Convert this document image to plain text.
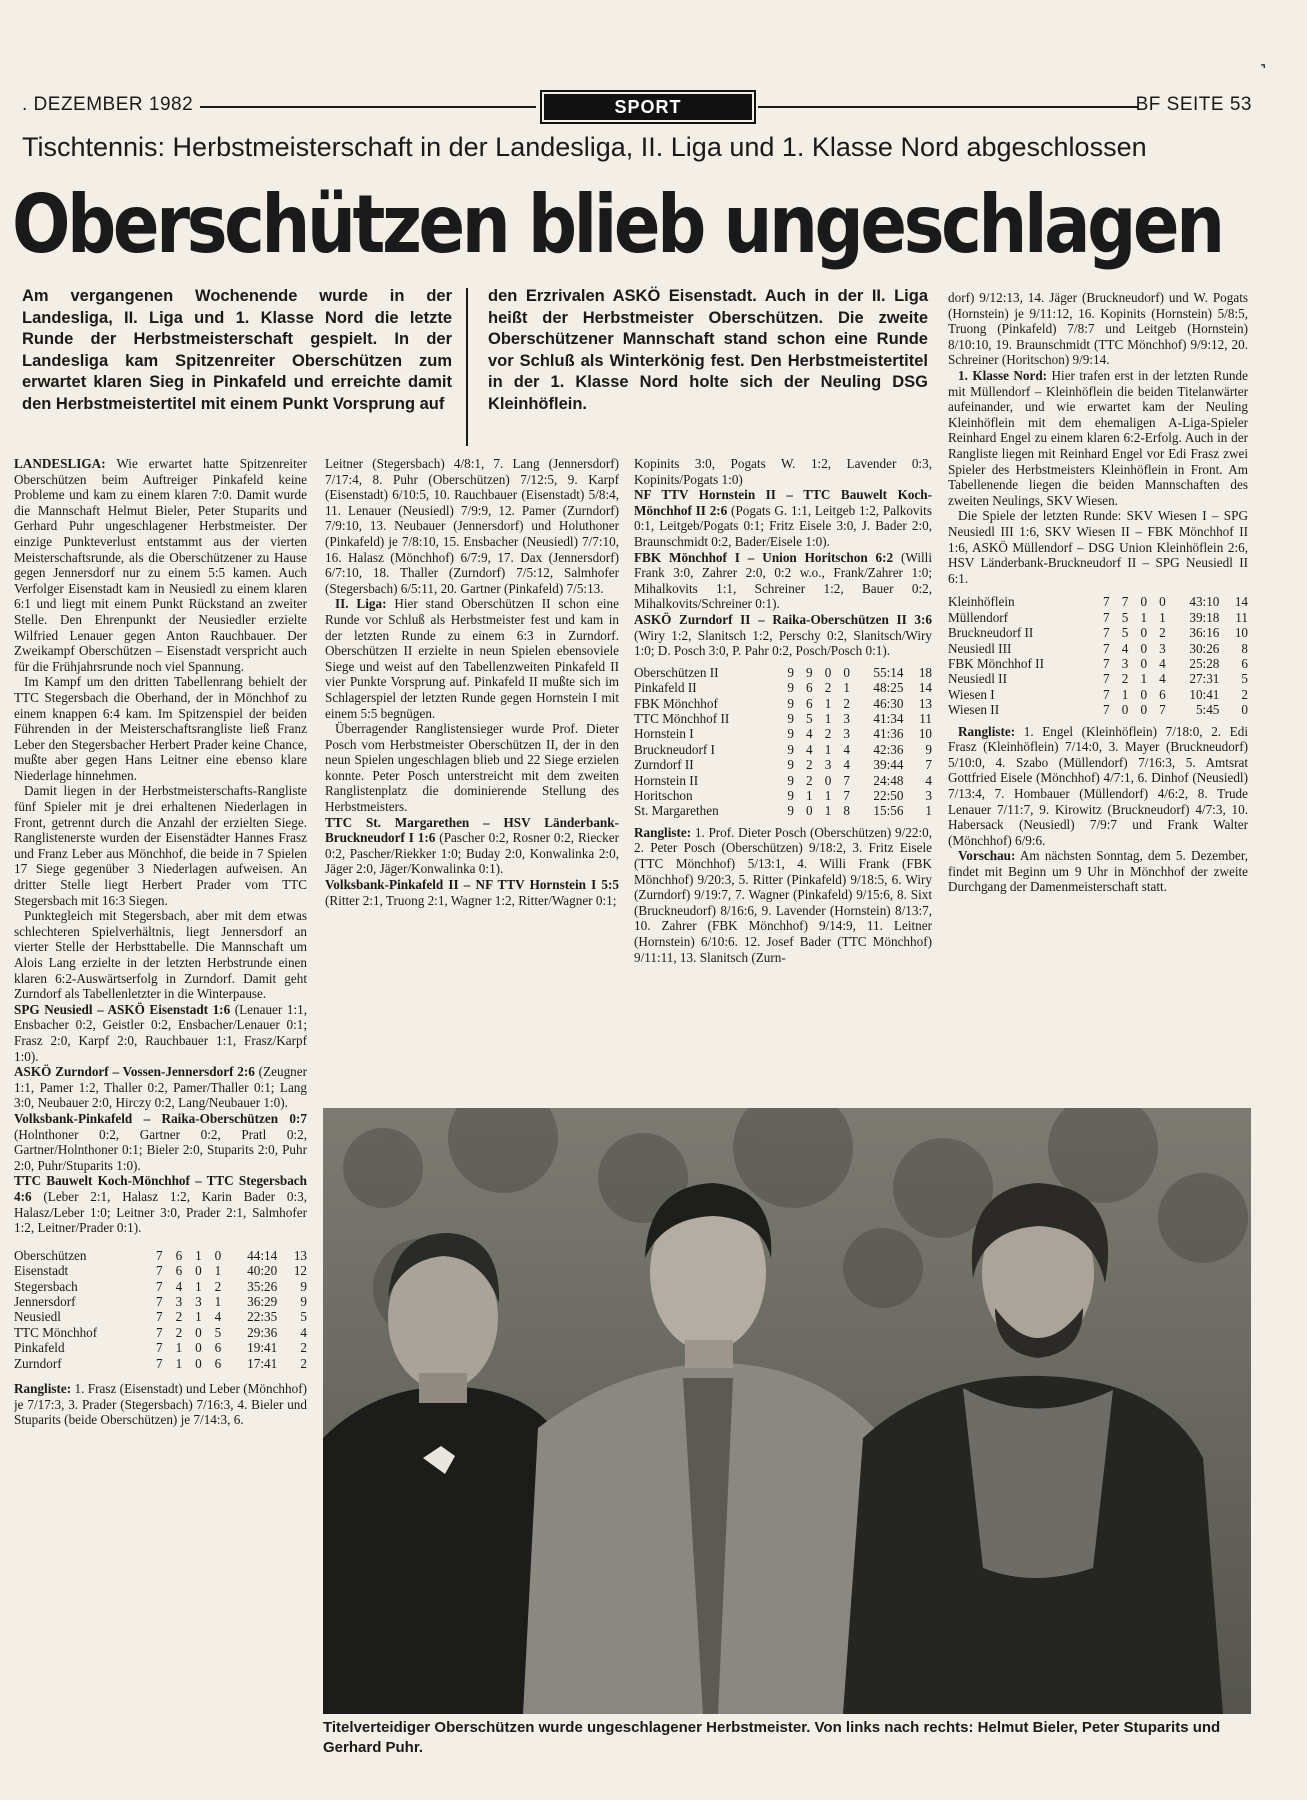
˺
. DEZEMBER 1982	SPORT	BF SEITE 53
Tischtennis: Herbstmeisterschaft in der Landesliga, II. Liga und 1. Klasse Nord abgeschlossen
Oberschützen blieb ungeschlagen

Am vergangenen Wochenende wurde in der Landesliga, II. Liga und 1. Klasse Nord die letzte Runde der Herbstmeisterschaft gespielt. In der Landesliga kam Spitzenreiter Oberschützen zum erwartet klaren Sieg in Pinkafeld und erreichte damit den Herbstmeistertitel mit einem Punkt Vorsprung auf

den Erzrivalen ASKÖ Eisenstadt. Auch in der II. Liga heißt der Herbstmeister Oberschützen. Die zweite Oberschützener Mannschaft stand schon eine Runde vor Schluß als Winterkönig fest. Den Herbstmeistertitel in der 1. Klasse Nord holte sich der Neuling DSG Kleinhöflein.

LANDESLIGA: Wie erwartet hatte Spitzenreiter Oberschützen beim Auftreiger Pinkafeld keine Probleme und kam zu einem klaren 7:0. Damit wurde die Mannschaft Helmut Bieler, Peter Stuparits und Gerhard Puhr ungeschlagener Herbstmeister. Der einzige Punkteverlust entstammt aus der vierten Meisterschaftsrunde, als die Oberschützener zu Hause gegen Jennersdorf nur zu einem 5:5 kamen. Auch Verfolger Eisenstadt kam in Neusiedl zu einem klaren 6:1 und liegt mit einem Punkt Rückstand an zweiter Stelle. Den Ehrenpunkt der Neusiedler erzielte Wilfried Lenauer gegen Anton Rauchbauer. Der Zweikampf Oberschützen – Eisenstadt verspricht auch für die Frühjahrsrunde noch viel Spannung.

Im Kampf um den dritten Tabellenrang behielt der TTC Stegersbach die Oberhand, der in Mönchhof zu einem knappen 6:4 kam. Im Spitzenspiel der beiden Führenden in der Meisterschaftsrangliste ließ Franz Leber den Stegersbacher Herbert Prader keine Chance, mußte aber gegen Hans Leitner eine ebenso klare Niederlage hinnehmen.

Damit liegen in der Herbstmeisterschafts-Rangliste fünf Spieler mit je drei erhaltenen Niederlagen in Front, getrennt durch die Anzahl der erzielten Siege. Ranglistenerste wurden der Eisenstädter Hannes Frasz und Franz Leber aus Mönchhof, die beide in 7 Spielen 17 Siege gegenüber 3 Niederlagen aufweisen. An dritter Stelle liegt Herbert Prader vom TTC Stegersbach mit 16:3 Siegen.

Punktegleich mit Stegersbach, aber mit dem etwas schlechteren Spielverhältnis, liegt Jennersdorf an vierter Stelle der Herbsttabelle. Die Mannschaft um Alois Lang erzielte in der letzten Herbstrunde einen klaren 6:2-Auswärtserfolg in Zurndorf. Damit geht Zurndorf als Tabellenletzter in die Winterpause.

SPG Neusiedl – ASKÖ Eisenstadt 1:6 (Lenauer 1:1, Ensbacher 0:2, Geistler 0:2, Ensbacher/Lenauer 0:1; Frasz 2:0, Karpf 2:0, Rauchbauer 1:1, Frasz/Karpf 1:0).

ASKÖ Zurndorf – Vossen-Jennersdorf 2:6 (Zeugner 1:1, Pamer 1:2, Thaller 0:2, Pamer/Thaller 0:1; Lang 3:0, Neubauer 2:0, Hirczy 0:2, Lang/Neubauer 1:0).

Volksbank-Pinkafeld – Raika-Oberschützen 0:7 (Holnthoner 0:2, Gartner 0:2, Pratl 0:2, Gartner/Holnthoner 0:1; Bieler 2:0, Stuparits 2:0, Puhr 2:0, Puhr/Stuparits 1:0).

TTC Bauwelt Koch-Mönchhof – TTC Stegersbach 4:6 (Leber 2:1, Halasz 1:2, Karin Bader 0:3, Halasz/Leber 1:0; Leitner 3:0, Prader 2:1, Salmhofer 1:2, Leitner/Prader 0:1).

Oberschützen	7	6	1	0	44:14	13
Eisenstadt	7	6	0	1	40:20	12
Stegersbach	7	4	1	2	35:26	9
Jennersdorf	7	3	3	1	36:29	9
Neusiedl	7	2	1	4	22:35	5
TTC Mönchhof	7	2	0	5	29:36	4
Pinkafeld	7	1	0	6	19:41	2
Zurndorf	7	1	0	6	17:41	2

Rangliste: 1. Frasz (Eisenstadt) und Leber (Mönchhof) je 7/17:3, 3. Prader (Stegersbach) 7/16:3, 4. Bieler und Stuparits (beide Oberschützen) je 7/14:3, 6.

Leitner (Stegersbach) 4/8:1, 7. Lang (Jennersdorf) 7/17:4, 8. Puhr (Oberschützen) 7/12:5, 9. Karpf (Eisenstadt) 6/10:5, 10. Rauchbauer (Eisenstadt) 5/8:4, 11. Lenauer (Neusiedl) 7/9:9, 12. Pamer (Zurndorf) 7/9:10, 13. Neubauer (Jennersdorf) und Holuthoner (Pinkafeld) je 7/8:10, 15. Ensbacher (Neusiedl) 7/7:10, 16. Halasz (Mönchhof) 6/7:9, 17. Dax (Jennersdorf) 6/7:10, 18. Thaller (Zurndorf) 7/5:12, Salmhofer (Stegersbach) 6/5:11, 20. Gartner (Pinkafeld) 7/5:13.

II. Liga: Hier stand Oberschützen II schon eine Runde vor Schluß als Herbstmeister fest und kam in der letzten Runde zu einem 6:3 in Zurndorf. Oberschützen II erzielte in neun Spielen ebensoviele Siege und weist auf den Tabellenzweiten Pinkafeld II vier Punkte Vorsprung auf. Pinkafeld II mußte sich im Schlagerspiel der letzten Runde gegen Hornstein I mit einem 5:5 begnügen.

Überragender Ranglistensieger wurde Prof. Dieter Posch vom Herbstmeister Oberschützen II, der in den neun Spielen ungeschlagen blieb und 22 Siege erzielen konnte. Peter Posch unterstreicht mit dem zweiten Ranglistenplatz die dominierende Stellung des Herbstmeisters.

TTC St. Margarethen – HSV Länderbank-Bruckneudorf I 1:6 (Pascher 0:2, Rosner 0:2, Riecker 0:2, Pascher/Riekker 1:0; Buday 2:0, Konwalinka 2:0, Jäger 2:0, Jäger/Konwalinka 0:1).

Volksbank-Pinkafeld II – NF TTV Hornstein I 5:5 (Ritter 2:1, Truong 2:1, Wagner 1:2, Ritter/Wagner 0:1;

Kopinits 3:0, Pogats W. 1:2, Lavender 0:3, Kopinits/Pogats 1:0)

NF TTV Hornstein II – TTC Bauwelt Koch-Mönchhof II 2:6 (Pogats G. 1:1, Leitgeb 1:2, Palkovits 0:1, Leitgeb/Pogats 0:1; Fritz Eisele 3:0, J. Bader 2:0, Braunschmidt 0:2, Bader/Eisele 1:0).

FBK Mönchhof I – Union Horitschon 6:2 (Willi Frank 3:0, Zahrer 2:0, 0:2 w.o., Frank/Zahrer 1:0; Mihalkovits 1:1, Schreiner 1:2, Bauer 0:2, Mihalkovits/Schreiner 0:1).

ASKÖ Zurndorf II – Raika-Oberschützen II 3:6 (Wiry 1:2, Slanitsch 1:2, Perschy 0:2, Slanitsch/Wiry 1:0; D. Posch 3:0, P. Pahr 0:2, Posch/Posch 0:1).

Oberschützen II	9	9	0	0	55:14	18
Pinkafeld II	9	6	2	1	48:25	14
FBK Mönchhof	9	6	1	2	46:30	13
TTC Mönchhof II	9	5	1	3	41:34	11
Hornstein I	9	4	2	3	41:36	10
Bruckneudorf I	9	4	1	4	42:36	9
Zurndorf II	9	2	3	4	39:44	7
Hornstein II	9	2	0	7	24:48	4
Horitschon	9	1	1	7	22:50	3
St. Margarethen	9	0	1	8	15:56	1

Rangliste: 1. Prof. Dieter Posch (Oberschützen) 9/22:0, 2. Peter Posch (Oberschützen) 9/18:2, 3. Fritz Eisele (TTC Mönchhof) 5/13:1, 4. Willi Frank (FBK Mönchhof) 9/20:3, 5. Ritter (Pinkafeld) 9/18:5, 6. Wiry (Zurndorf) 9/19:7, 7. Wagner (Pinkafeld) 9/15:6, 8. Sixt (Bruckneudorf) 8/16:6, 9. Lavender (Hornstein) 8/13:7, 10. Zahrer (FBK Mönchhof) 9/14:9, 11. Leitner (Hornstein) 6/10:6. 12. Josef Bader (TTC Mönchhof) 9/11:11, 13. Slanitsch (Zurn-

dorf) 9/12:13, 14. Jäger (Bruckneudorf) und W. Pogats (Hornstein) je 9/11:12, 16. Kopinits (Hornstein) 5/8:5, Truong (Pinkafeld) 7/8:7 und Leitgeb (Hornstein) 8/10:10, 19. Braunschmidt (TTC Mönchhof) 9/9:12, 20. Schreiner (Horitschon) 9/9:14.

1. Klasse Nord: Hier trafen erst in der letzten Runde mit Müllendorf – Kleinhöflein die beiden Titelanwärter aufeinander, und wie erwartet kam der Neuling Kleinhöflein mit dem ehemaligen A-Liga-Spieler Reinhard Engel zu einem klaren 6:2-Erfolg. Auch in der Rangliste liegen mit Reinhard Engel vor Edi Frasz zwei Spieler des Herbstmeisters Kleinhöflein in Front. Am Tabellenende liegen die beiden Mannschaften des zweiten Neulings, SKV Wiesen.

Die Spiele der letzten Runde: SKV Wiesen I – SPG Neusiedl III 1:6, SKV Wiesen II – FBK Mönchhof II 1:6, ASKÖ Müllendorf – DSG Union Kleinhöflein 2:6, HSV Länderbank-Bruckneudorf II – SPG Neusiedl II 6:1.

Kleinhöflein	7	7	0	0	43:10	14
Müllendorf	7	5	1	1	39:18	11
Bruckneudorf II	7	5	0	2	36:16	10
Neusiedl III	7	4	0	3	30:26	8
FBK Mönchhof II	7	3	0	4	25:28	6
Neusiedl II	7	2	1	4	27:31	5
Wiesen I	7	1	0	6	10:41	2
Wiesen II	7	0	0	7	5:45	0

Rangliste: 1. Engel (Kleinhöflein) 7/18:0, 2. Edi Frasz (Kleinhöflein) 7/14:0, 3. Mayer (Bruckneudorf) 5/10:0, 4. Szabo (Müllendorf) 7/16:3, 5. Amtsrat Gottfried Eisele (Mönchhof) 4/7:1, 6. Dinhof (Neusiedl) 7/13:4, 7. Hombauer (Müllendorf) 4/6:2, 8. Trude Lenauer 7/11:7, 9. Kirowitz (Bruckneudorf) 4/7:3, 10. Habersack (Neusiedl) 7/9:7 und Frank Walter (Mönchhof) 6/9:6.

Vorschau: Am nächsten Sonntag, dem 5. Dezember, findet mit Beginn um 9 Uhr in Mönchhof der zweite Durchgang der Damenmeisterschaft statt.

Titelverteidiger Oberschützen wurde ungeschlagener Herbstmeister. Von links nach rechts: Helmut Bieler, Peter Stuparits und Gerhard Puhr.
